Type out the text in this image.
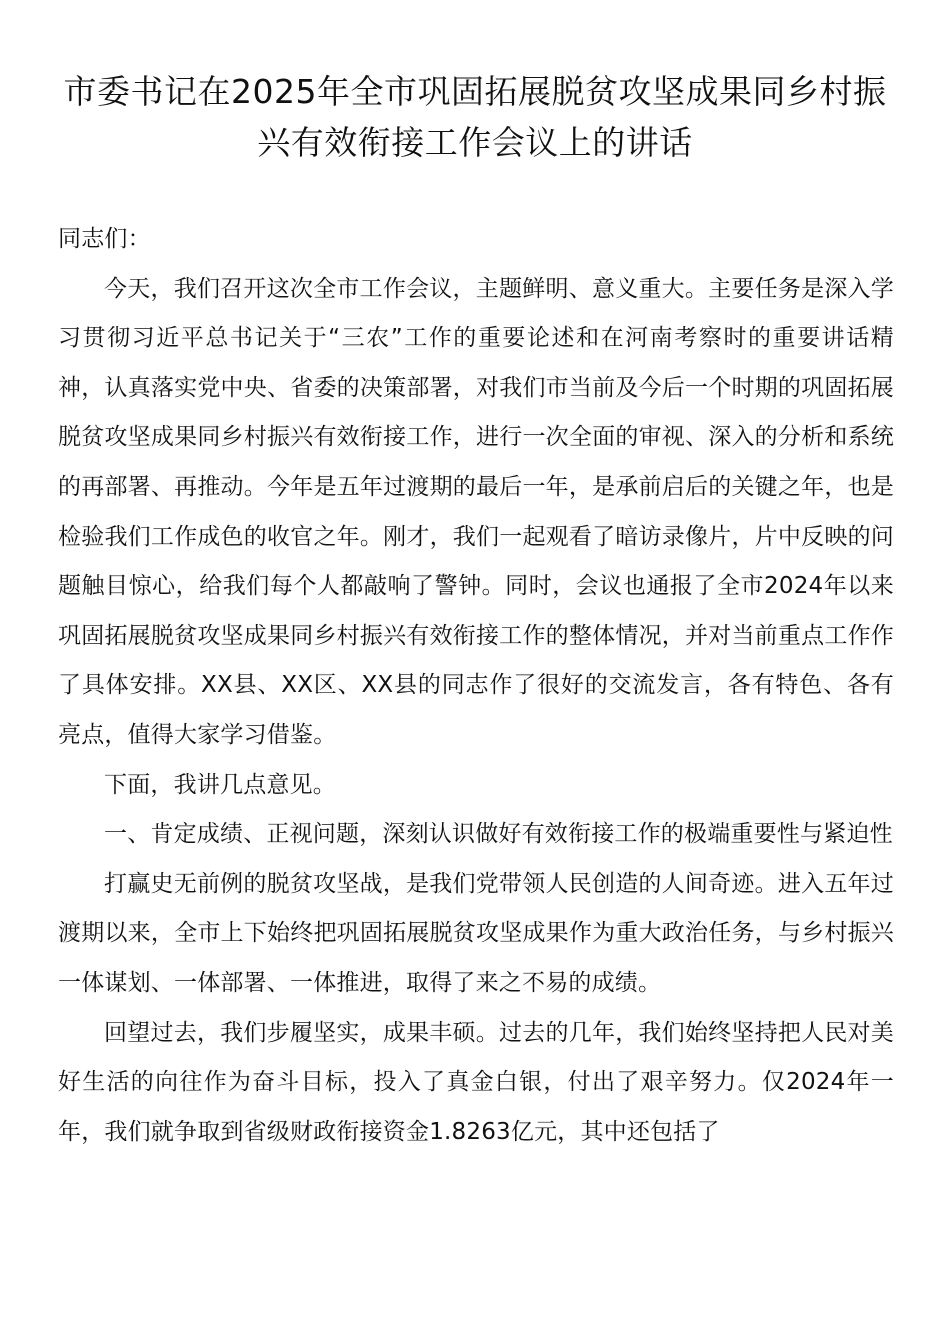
市委书记在2025年全市巩固拓展脱贫攻坚成果同乡村振兴有效衔接工作会议上的讲话

同志们：

今天，我们召开这次全市工作会议，主题鲜明、意义重大。主要任务是深入学习贯彻习近平总书记关于“三农”工作的重要论述和在河南考察时的重要讲话精神，认真落实党中央、省委的决策部署，对我们市当前及今后一个时期的巩固拓展脱贫攻坚成果同乡村振兴有效衔接工作，进行一次全面的审视、深入的分析和系统的再部署、再推动。今年是五年过渡期的最后一年，是承前启后的关键之年，也是检验我们工作成色的收官之年。刚才，我们一起观看了暗访录像片，片中反映的问题触目惊心，给我们每个人都敲响了警钟。同时，会议也通报了全市2024年以来巩固拓展脱贫攻坚成果同乡村振兴有效衔接工作的整体情况，并对当前重点工作作了具体安排。XX县、XX区、XX县的同志作了很好的交流发言，各有特色、各有亮点，值得大家学习借鉴。

下面，我讲几点意见。

一、肯定成绩、正视问题，深刻认识做好有效衔接工作的极端重要性与紧迫性

打赢史无前例的脱贫攻坚战，是我们党带领人民创造的人间奇迹。进入五年过渡期以来，全市上下始终把巩固拓展脱贫攻坚成果作为重大政治任务，与乡村振兴一体谋划、一体部署、一体推进，取得了来之不易的成绩。

回望过去，我们步履坚实，成果丰硕。过去的几年，我们始终坚持把人民对美好生活的向往作为奋斗目标，投入了真金白银，付出了艰辛努力。仅2024年一年，我们就争取到省级财政衔接资金1.8263亿元，其中还包括了
